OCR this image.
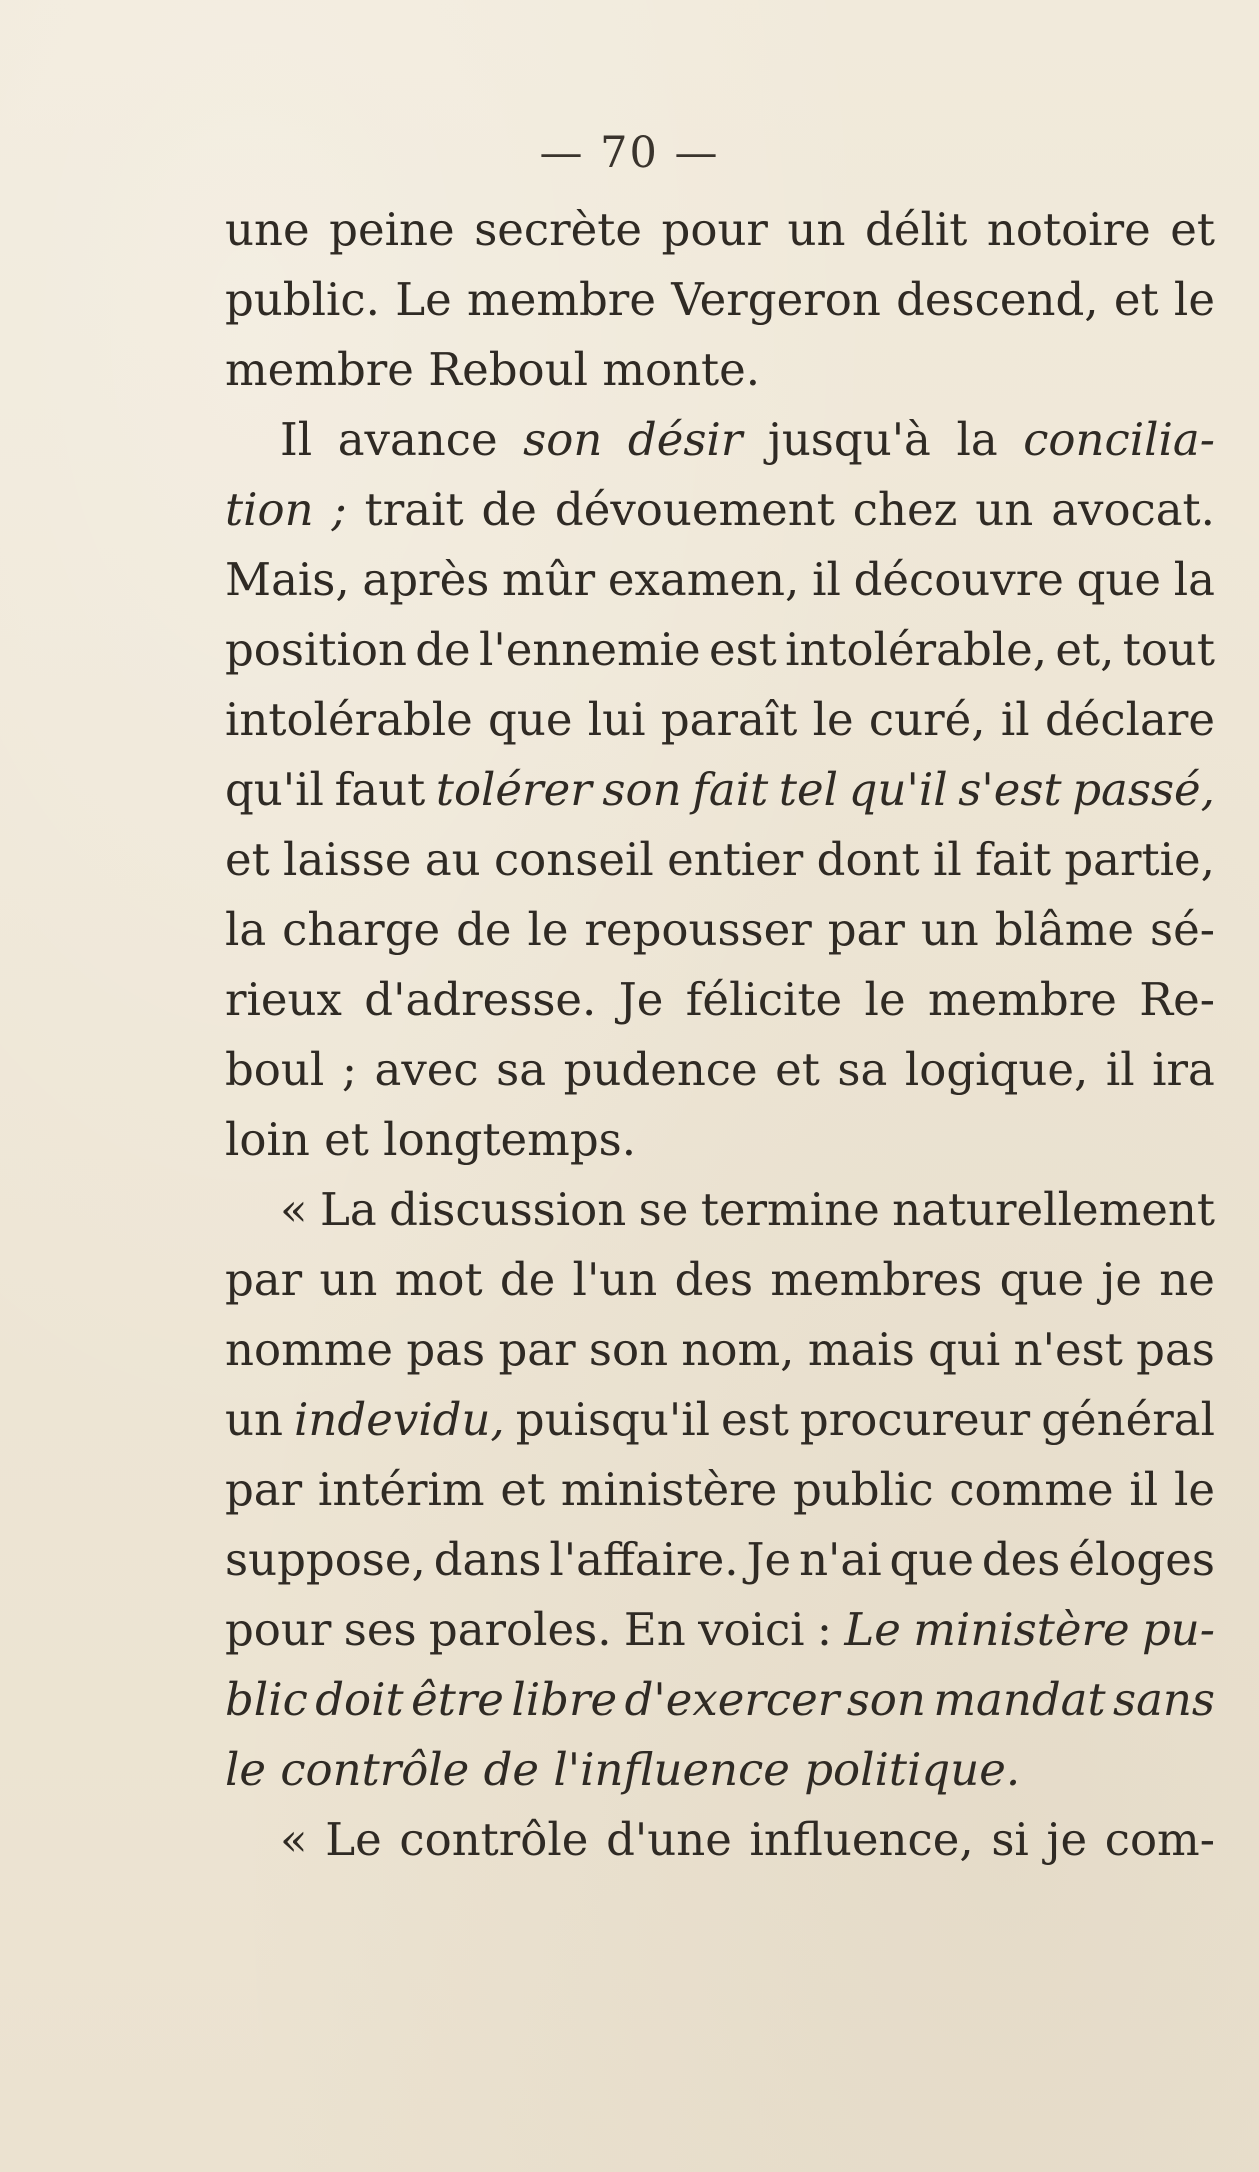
— 70 —
une peine secrète pour un délit notoire et
public. Le membre Vergeron descend, et le
membre Reboul monte.
Il avance son désir jusqu'à la concilia-
tion ; trait de dévouement chez un avocat.
Mais, après mûr examen, il découvre que la
position de l'ennemie est intolérable, et, tout
intolérable que lui paraît le curé, il déclare
qu'il faut tolérer son fait tel qu'il s'est passé,
et laisse au conseil entier dont il fait partie,
la charge de le repousser par un blâme sé-
rieux d'adresse. Je félicite le membre Re-
boul ; avec sa pudence et sa logique, il ira
loin et longtemps.
« La discussion se termine naturellement
par un mot de l'un des membres que je ne
nomme pas par son nom, mais qui n'est pas
un indevidu, puisqu'il est procureur général
par intérim et ministère public comme il le
suppose, dans l'affaire. Je n'ai que des éloges
pour ses paroles. En voici : Le ministère pu-
blic doit être libre d'exercer son mandat sans
le contrôle de l'influence politique.
« Le contrôle d'une influence, si je com-
